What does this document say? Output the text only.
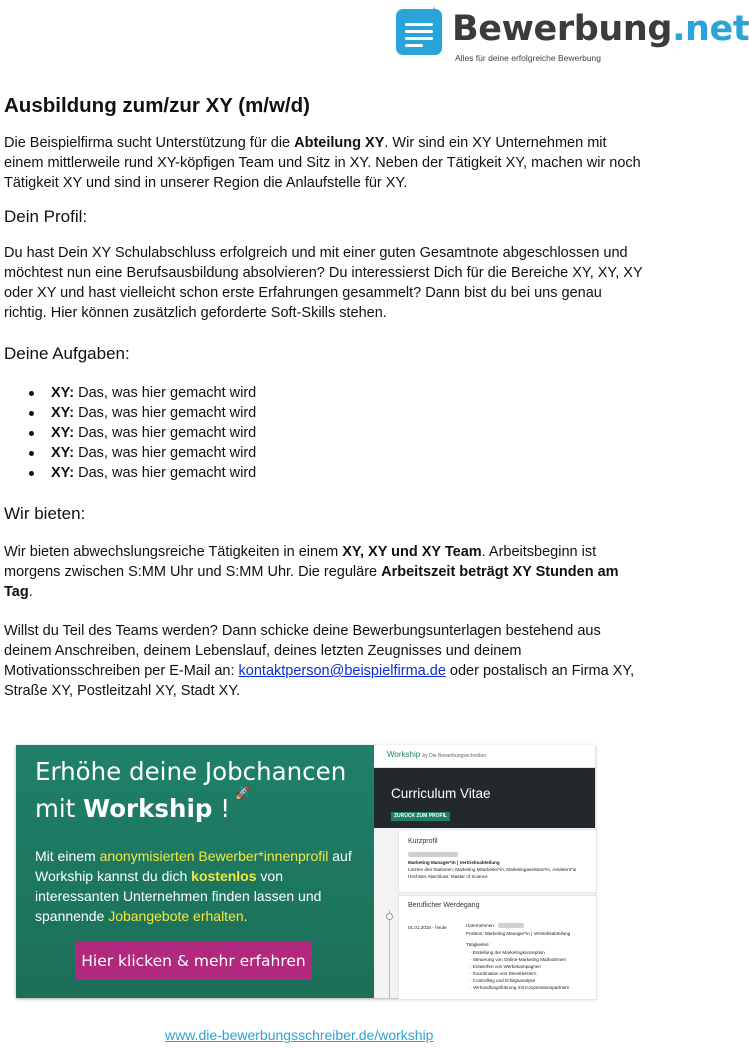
✦ Bewerbung.net
Alles für deine erfolgreiche Bewerbung
Ausbildung zum/zur XY (m/w/d)

Die Beispielfirma sucht Unterstützung für die Abteilung XY. Wir sind ein XY Unternehmen mit einem mittlerweile rund XY-köpfigen Team und Sitz in XY. Neben der Tätigkeit XY, machen wir noch Tätigkeit XY und sind in unserer Region die Anlaufstelle für XY.

Dein Profil:

Du hast Dein XY Schulabschluss erfolgreich und mit einer guten Gesamtnote abgeschlossen und möchtest nun eine Berufsausbildung absolvieren? Du interessierst Dich für die Bereiche XY, XY, XY oder XY und hast vielleicht schon erste Erfahrungen gesammelt? Dann bist du bei uns genau richtig. Hier können zusätzlich geforderte Soft-Skills stehen.

Deine Aufgaben:
XY: Das, was hier gemacht wird
XY: Das, was hier gemacht wird
XY: Das, was hier gemacht wird
XY: Das, was hier gemacht wird
XY: Das, was hier gemacht wird
Wir bieten:

Wir bieten abwechslungsreiche Tätigkeiten in einem XY, XY und XY Team. Arbeitsbeginn ist morgens zwischen S:MM Uhr und S:MM Uhr. Die reguläre Arbeitszeit beträgt XY Stunden am Tag.

Willst du Teil des Teams werden? Dann schicke deine Bewerbungsunterlagen bestehend aus deinem Anschreiben, deinem Lebenslauf, deines letzten Zeugnisses und deinem Motivationsschreiben per E-Mail an: kontaktperson@beispielfirma.de oder postalisch an Firma XY, Straße XY, Postleitzahl XY, Stadt XY.

Erhöhe deine Jobchancen
mit Workship
🚀
!
Mit einem anonymisierten Bewerber*innenprofil auf Workship kannst du dich kostenlos von interessanten Unternehmen finden lassen und spannende Jobangebote erhalten.
Hier klicken & mehr erfahren
Workship by Die Bewerbungsschreiber
Curriculum Vitae
ZURÜCK ZUM PROFIL
Kurzprofil
Marketing Manager*in | Vertriebsabteilung
Letzten drei Stationen: Marketing Mitarbeiter*in, Marketingassistent*in, Assistent*in
Höchster Abschluss: Master of Science
Beruflicher Werdegang
01.01.2018 - heute	Unternehmen:
Position: Marketing Manager*in | Vertriebsabteilung
Tätigkeiten:
· Erstellung der Marketingkonzeption
· Steuerung von Online-Marketing Maßnahmen
· Entwerfen von Werbekampagnen
· Koordination von Dienstleistern
· Controlling und Erfolgsanalyse
· Verhandlungsführung mit Kooperationspartnern
www.die-bewerbungsschreiber.de/workship
